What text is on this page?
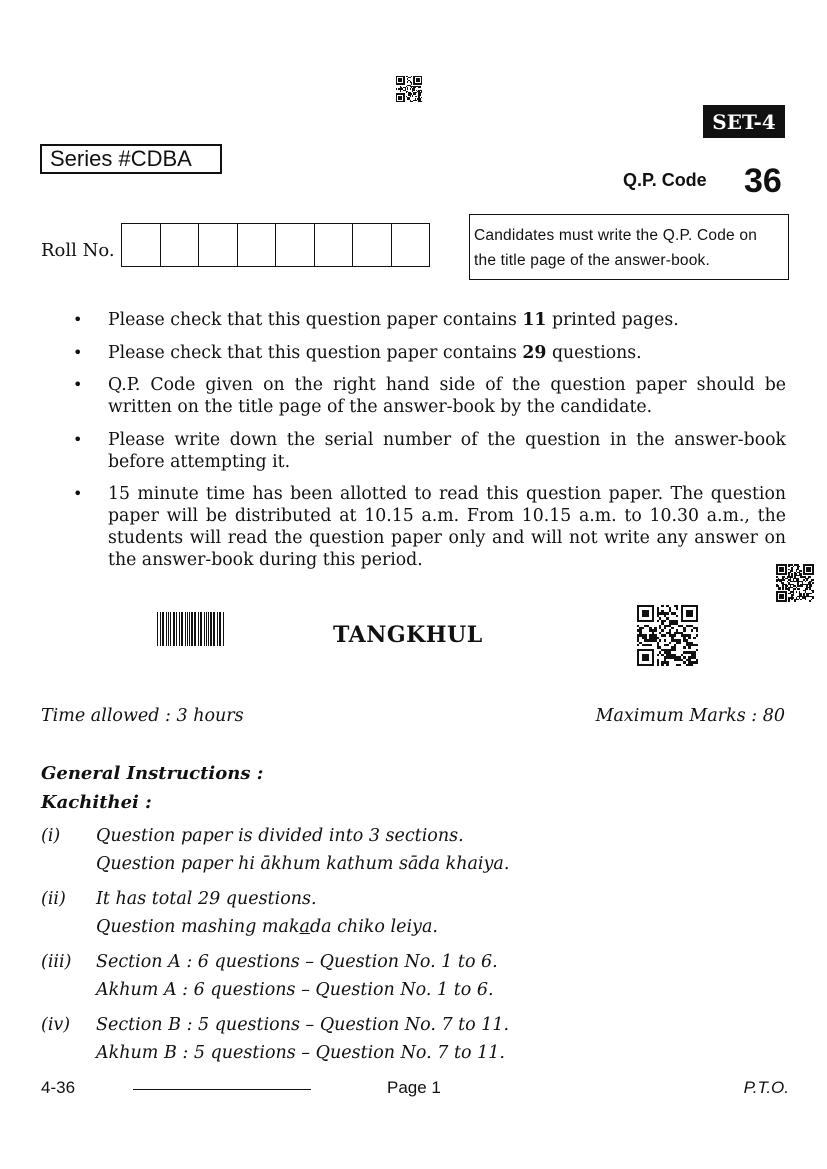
SET-4
Series #CDBA
Q.P. Code 36
Roll No.
Candidates must write the Q.P. Code on
the title page of the answer-book.
• Please check that this question paper contains 11 printed pages.
• Please check that this question paper contains 29 questions.
• Q.P. Code given on the right hand side of the question paper should be written on the title page of the answer-book by the candidate.
• Please write down the serial number of the question in the answer-book before attempting it.
• 15 minute time has been allotted to read this question paper. The question paper will be distributed at 10.15 a.m. From 10.15 a.m. to 10.30 a.m., the students will read the question paper only and will not write any answer on the answer-book during this period.
TANGKHUL
Time allowed : 3 hours	Maximum Marks : 80
General Instructions :
Kachithei :
(i) Question paper is divided into 3 sections.
Question paper hi ākhum kathum sāda khaiya.
(ii) It has total 29 questions.
Question mashing makada chiko leiya.
(iii) Section A : 6 questions – Question No. 1 to 6.
Akhum A : 6 questions – Question No. 1 to 6.
(iv) Section B : 5 questions – Question No. 7 to 11.
Akhum B : 5 questions – Question No. 7 to 11.
4-36	Page 1	P.T.O.
